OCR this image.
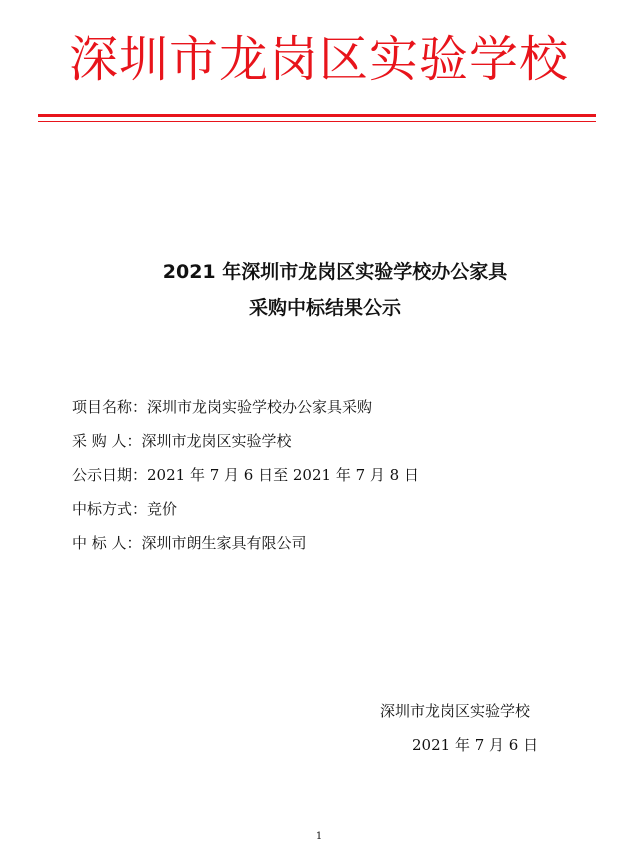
深圳市龙岗区实验学校
2021 年深圳市龙岗区实验学校办公家具
采购中标结果公示
项目名称：深圳市龙岗实验学校办公家具采购
采 购 人：深圳市龙岗区实验学校
公示日期：2021 年 7 月 6 日至 2021 年 7 月 8 日
中标方式：竞价
中 标 人：深圳市朗生家具有限公司
深圳市龙岗区实验学校
2021 年 7 月 6 日
1
